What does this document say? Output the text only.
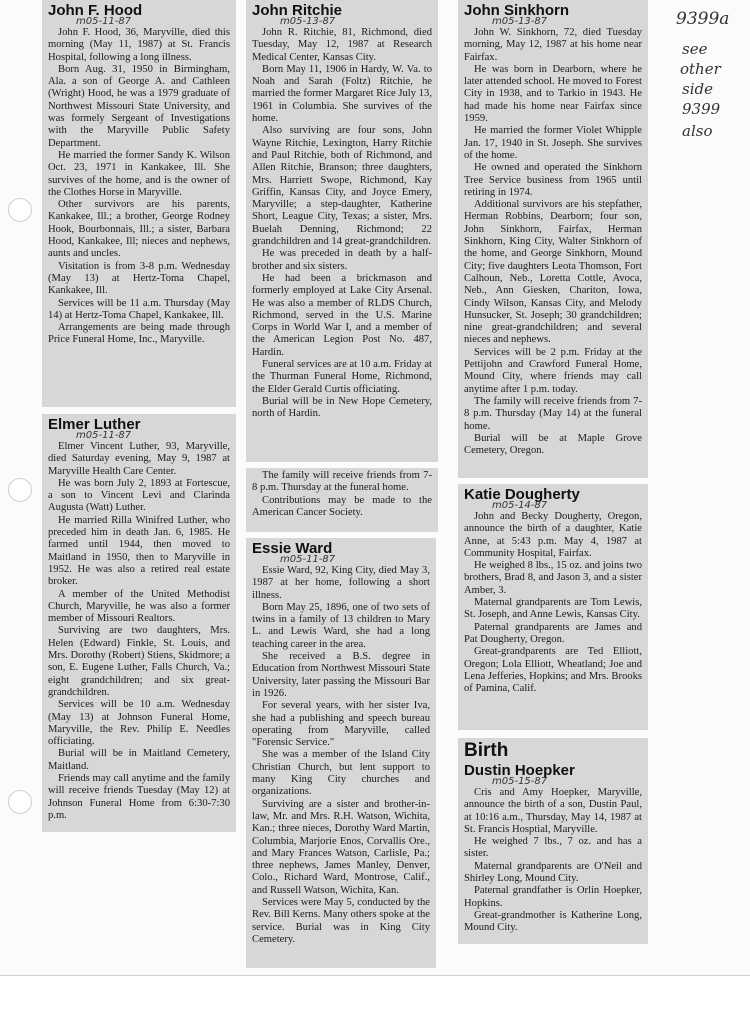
John F. Hood
m05-11-87

John F. Hood, 36, Maryville, died this morning (May 11, 1987) at St. Francis Hospital, following a long illness.

Born Aug. 31, 1950 in Birmingham, Ala. a son of George A. and Cathleen (Wright) Hood, he was a 1979 graduate of Northwest Missouri State University, and was formely Sergeant of Investigations with the Maryville Public Safety Department.

He married the former Sandy K. Wilson Oct. 23, 1971 in Kankakee, Ill. She survives of the home, and is the owner of the Clothes Horse in Maryville.

Other survivors are his parents, Kankakee, Ill.; a brother, George Rodney Hook, Bourbonnais, Ill.; a sister, Barbara Hood, Kankakee, Ill; nieces and nephews, aunts and uncles.

Visitation is from 3-8 p.m. Wednesday (May 13) at Hertz-Toma Chapel, Kankakee, Ill.

Services will be 11 a.m. Thursday (May 14) at Hertz-Toma Chapel, Kankakee, Ill.

Arrangements are being made through Price Funeral Home, Inc., Maryville.

Elmer Luther
m05-11-87

Elmer Vincent Luther, 93, Maryville, died Saturday evening, May 9, 1987 at Maryville Health Care Center.

He was born July 2, 1893 at Fortescue, a son to Vincent Levi and Clarinda Augusta (Watt) Luther.

He married Rilla Winifred Luther, who preceded him in death Jan. 6, 1985. He farmed until 1944, then moved to Maitland in 1950, then to Maryville in 1952. He was also a retired real estate broker.

A member of the United Methodist Church, Maryville, he was also a former member of Missouri Realtors.

Surviving are two daughters, Mrs. Helen (Edward) Finkle, St. Louis, and Mrs. Dorothy (Robert) Stiens, Skidmore; a son, E. Eugene Luther, Falls Church, Va.; eight grandchildren; and six great-grandchildren.

Services will be 10 a.m. Wednesday (May 13) at Johnson Funeral Home, Maryville, the Rev. Philip E. Needles officiating.

Burial will be in Maitland Cemetery, Maitland.

Friends may call anytime and the family will receive friends Tuesday (May 12) at Johnson Funeral Home from 6:30-7:30 p.m.

John Ritchie
m05-13-87

John R. Ritchie, 81, Richmond, died Tuesday, May 12, 1987 at Research Medical Center, Kansas City.

Born May 11, 1906 in Hardy, W. Va. to Noah and Sarah (Foltz) Ritchie, he married the former Margaret Rice July 13, 1961 in Columbia. She survives of the home.

Also surviving are four sons, John Wayne Ritchie, Lexington, Harry Ritchie and Paul Ritchie, both of Richmond, and Allen Ritchie, Branson; three daughters, Mrs. Harriett Swope, Richmond, Kay Griffin, Kansas City, and Joyce Emery, Maryville; a step-daughter, Katherine Short, League City, Texas; a sister, Mrs. Buelah Denning, Richmond; 22 grandchildren and 14 great-grandchildren.

He was preceded in death by a half-brother and six sisters.

He had been a brickmason and formerly employed at Lake City Arsenal. He was also a member of RLDS Church, Richmond, served in the U.S. Marine Corps in World War I, and a member of the American Legion Post No. 487, Hardin.

Funeral services are at 10 a.m. Friday at the Thurman Funeral Home, Richmond, the Elder Gerald Curtis officiating.

Burial will be in New Hope Cemetery, north of Hardin.

The family will receive friends from 7-8 p.m. Thursday at the funeral home.

Contributions may be made to the American Cancer Society.

Essie Ward
m05-11-87

Essie Ward, 92, King City, died May 3, 1987 at her home, following a short illness.

Born May 25, 1896, one of two sets of twins in a family of 13 children to Mary L. and Lewis Ward, she had a long teaching career in the area.

She received a B.S. degree in Education from Northwest Missouri State University, later passing the Missouri Bar in 1926.

For several years, with her sister Iva, she had a publishing and speech bureau operating from Maryville, called "Forensic Service."

She was a member of the Island City Christian Church, but lent support to many King City churches and organizations.

Surviving are a sister and brother-in-law, Mr. and Mrs. R.H. Watson, Wichita, Kan.; three nieces, Dorothy Ward Martin, Columbia, Marjorie Enos, Corvallis Ore., and Mary Frances Watson, Carlisle, Pa.; three nephews, James Manley, Denver, Colo., Richard Ward, Montrose, Calif., and Russell Watson, Wichita, Kan.

Services were May 5, conducted by the Rev. Bill Kerns. Many others spoke at the service. Burial was in King City Cemetery.

John Sinkhorn
m05-13-87

John W. Sinkhorn, 72, died Tuesday morning, May 12, 1987 at his home near Fairfax.

He was born in Dearborn, where he later attended school. He moved to Forest City in 1938, and to Tarkio in 1943. He had made his home near Fairfax since 1959.

He married the former Violet Whipple Jan. 17, 1940 in St. Joseph. She survives of the home.

He owned and operated the Sinkhorn Tree Service business from 1965 until retiring in 1974.

Additional survivors are his stepfather, Herman Robbins, Dearborn; four son, John Sinkhorn, Fairfax, Herman Sinkhorn, King City, Walter Sinkhorn of the home, and George Sinkhorn, Mound City; five daughters Leota Thomson, Fort Calhoun, Neb., Loretta Cottle, Avoca, Neb., Ann Giesken, Chariton, Iowa, Cindy Wilson, Kansas City, and Melody Hunsucker, St. Joseph; 30 grandchildren; nine great-grandchildren; and several nieces and nephews.

Services will be 2 p.m. Friday at the Pettijohn and Crawford Funeral Home, Mound City, where friends may call anytime after 1 p.m. today.

The family will receive friends from 7-8 p.m. Thursday (May 14) at the funeral home.

Burial will be at Maple Grove Cemetery, Oregon.

Katie Dougherty
m05-14-87

John and Becky Dougherty, Oregon, announce the birth of a daughter, Katie Anne, at 5:43 p.m. May 4, 1987 at Community Hospital, Fairfax.

He weighed 8 lbs., 15 oz. and joins two brothers, Brad 8, and Jason 3, and a sister Amber, 3.

Maternal grandparents are Tom Lewis, St. Joseph, and Anne Lewis, Kansas City.

Paternal grandparents are James and Pat Dougherty, Oregon.

Great-grandparents are Ted Elliott, Oregon; Lola Elliott, Wheatland; Joe and Lena Jefferies, Hopkins; and Mrs. Brooks of Pamina, Calif.

Birth
Dustin Hoepker
m05-15-87

Cris and Amy Hoepker, Maryville, announce the birth of a son, Dustin Paul, at 10:16 a.m., Thursday, May 14, 1987 at St. Francis Hosptial, Maryville.

He weighed 7 lbs., 7 oz. and has a sister.

Maternal grandparents are O'Neil and Shirley Long, Mound City.

Paternal grandfather is Orlin Hoepker, Hopkins.

Great-grandmother is Katherine Long, Mound City.

9399a
see
other
side
9399
also
